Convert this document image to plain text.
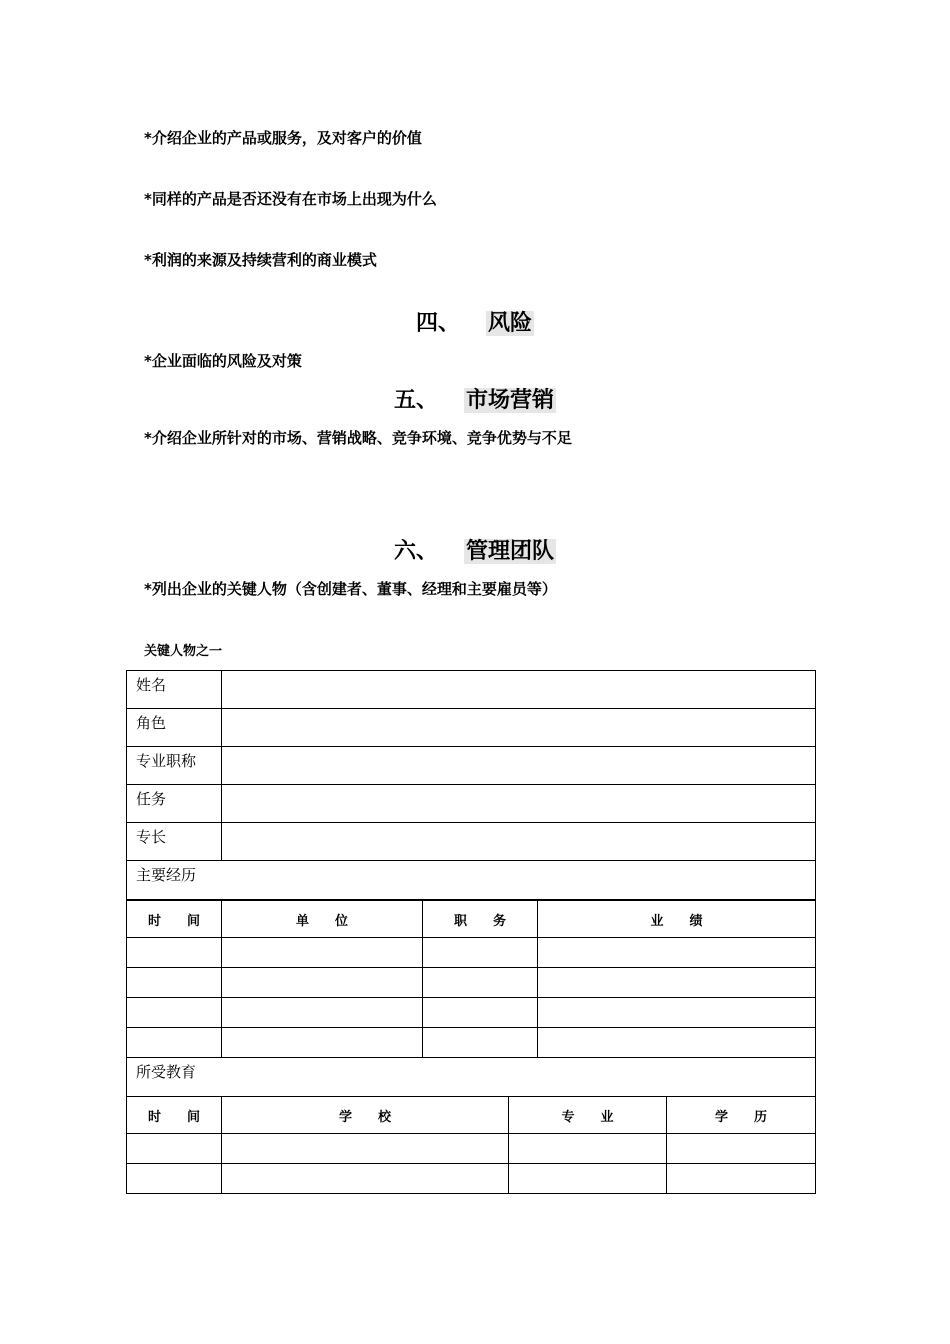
*介绍企业的产品或服务，及对客户的价值
*同样的产品是否还没有在市场上出现为什么
*利润的来源及持续营利的商业模式
四、 风险
*企业面临的风险及对策
五、 市场营销
*介绍企业所针对的市场、营销战略、竞争环境、竞争优势与不足
六、 管理团队
*列出企业的关键人物（含创建者、董事、经理和主要雇员等）
关键人物之一
姓名	
角色	
专业职称	
任务	
专长	
主要经历	
时　　间	单　　位	职　　务	业　　绩

所受教育
时　　间	学　　校	专　　业	学　　历
